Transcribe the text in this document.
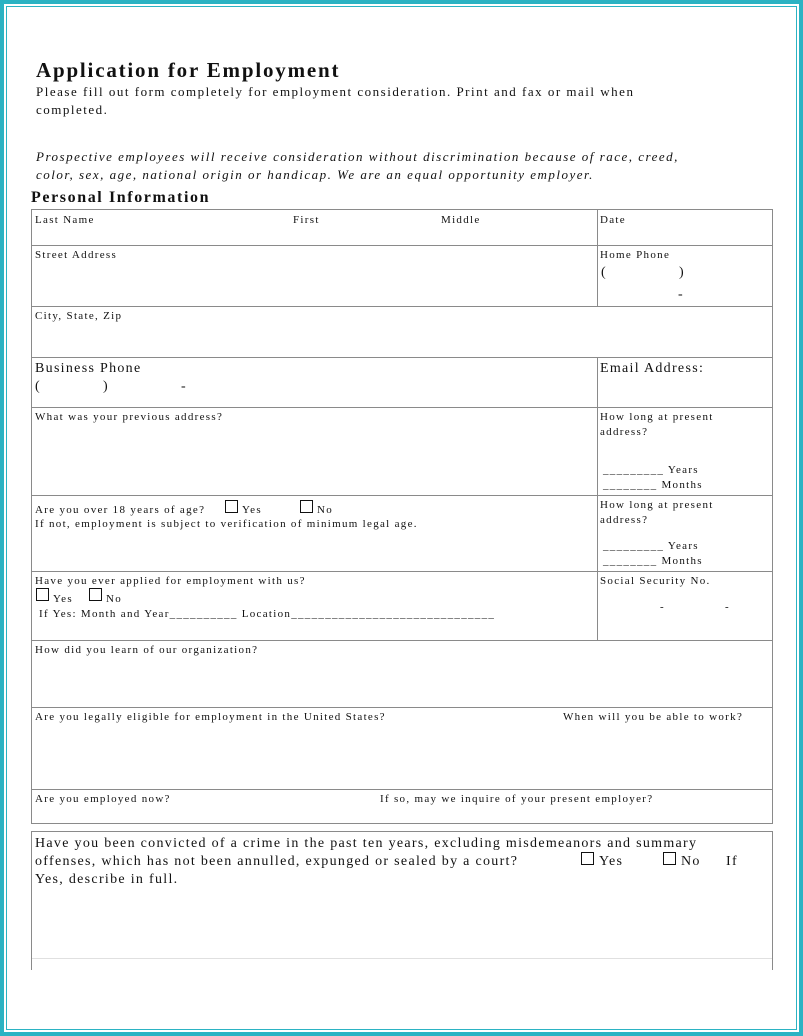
Application for Employment
Please fill out form completely for employment consideration. Print and fax or mail when
completed.
Prospective employees will receive consideration without discrimination because of race, creed,
color, sex, age, national origin or handicap. We are an equal opportunity employer.
Personal Information
Last Name	First	Middle	Date
Street Address	Home Phone
(	)
-
City, State, Zip
Business Phone
(	)	-
Email Address:
What was your previous address?	How long at present
address?
_________ Years
________ Months
Are you over 18 years of age?	Yes	No
If not, employment is subject to verification of minimum legal age.
How long at present
address?
_________ Years
________ Months
Have you ever applied for employment with us?
Yes	No
If Yes: Month and Year__________ Location______________________________
Social Security No.
-	-
How did you learn of our organization?
Are you legally eligible for employment in the United States?	When will you be able to work?
Are you employed now?	If so, may we inquire of your present employer?
Have you been convicted of a crime in the past ten years, excluding misdemeanors and summary
offenses, which has not been annulled, expunged or sealed by a court?	Yes	No If
Yes, describe in full.
